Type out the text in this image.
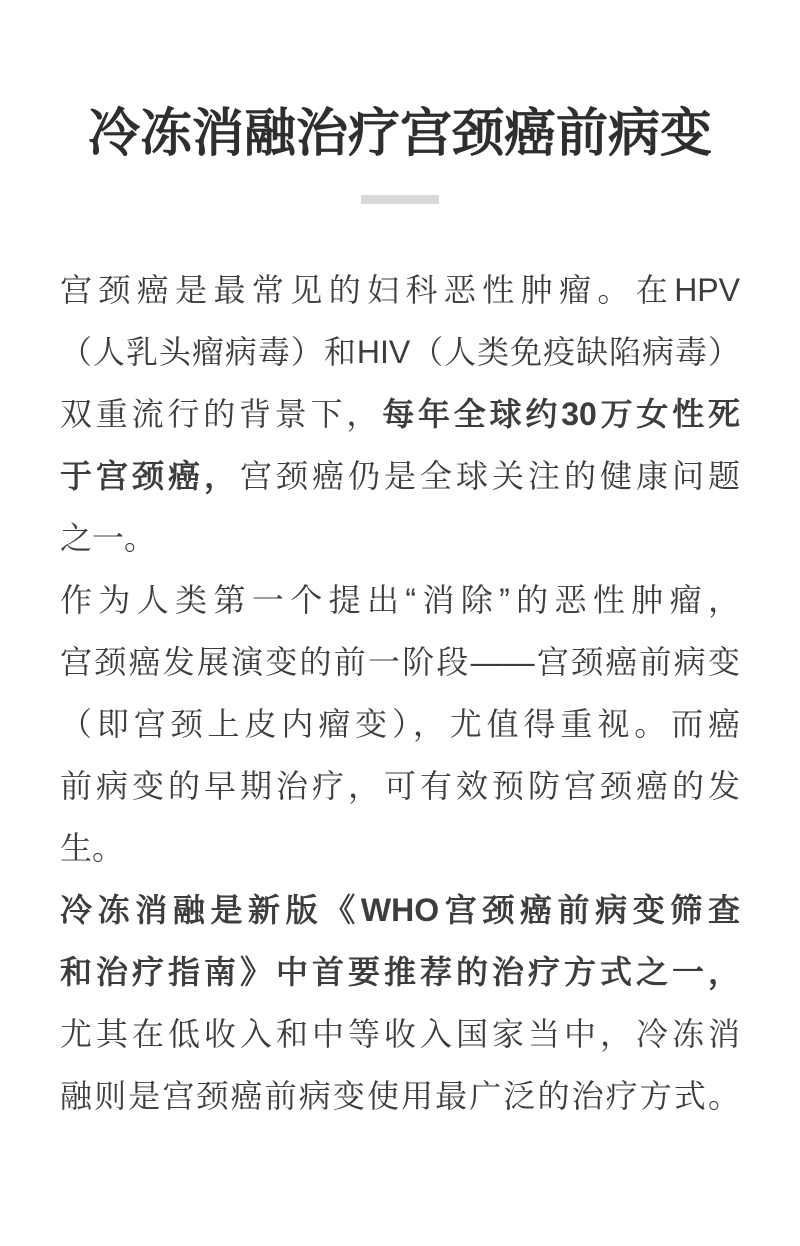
冷冻消融治疗宫颈癌前病变
宫颈癌是最常见的妇科恶性肿瘤。在HPV
（人乳头瘤病毒）和HIV（人类免疫缺陷病毒）
双重流行的背景下，每年全球约30万女性死
于宫颈癌，宫颈癌仍是全球关注的健康问题
之一。
作为人类第一个提出“消除”的恶性肿瘤，
宫颈癌发展演变的前一阶段——宫颈癌前病变
（即宫颈上皮内瘤变），尤值得重视。而癌
前病变的早期治疗，可有效预防宫颈癌的发
生。
冷冻消融是新版《WHO宫颈癌前病变筛查
和治疗指南》中首要推荐的治疗方式之一，
尤其在低收入和中等收入国家当中，冷冻消
融则是宫颈癌前病变使用最广泛的治疗方式。
